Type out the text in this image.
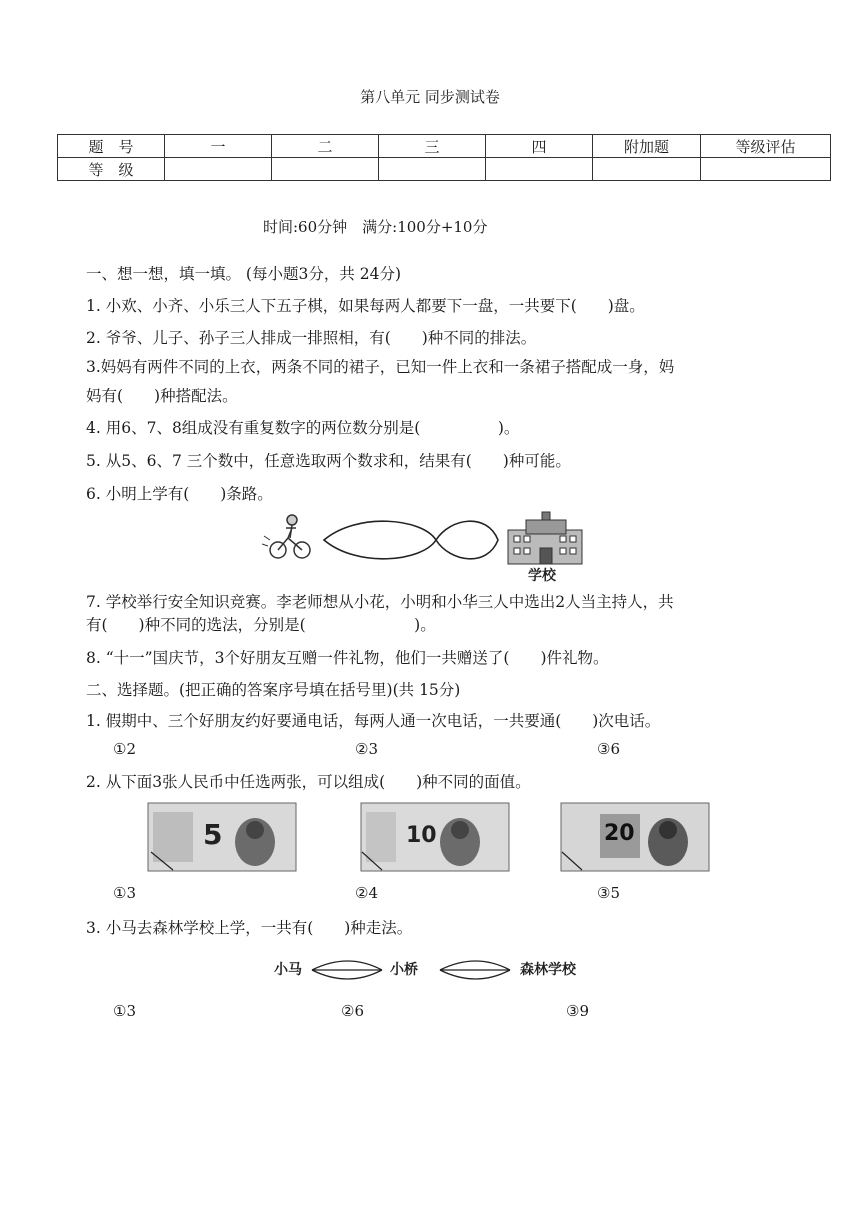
第八单元 同步测试卷
题　号	一	二	三	四	附加题	等级评估
等　级						
时间:60分钟　满分:100分+10分
一、想一想，填一填。 (每小题3分，共 24分)
1. 小欢、小齐、小乐三人下五子棋，如果每两人都要下一盘，一共要下(　　)盘。
2. 爷爷、儿子、孙子三人排成一排照相，有(　　)种不同的排法。
3.妈妈有两件不同的上衣，两条不同的裙子，已知一件上衣和一条裙子搭配成一身，妈
妈有(　　)种搭配法。
4. 用6、7、8组成没有重复数字的两位数分别是(　　　　　)。
5. 从5、6、7 三个数中，任意选取两个数求和，结果有(　　)种可能。
6. 小明上学有(　　)条路。
学校
7. 学校举行安全知识竞赛。李老师想从小花，小明和小华三人中选出2人当主持人，共
有(　　)种不同的选法，分别是(　　　　　　　)。
8. “十一”国庆节，3个好朋友互赠一件礼物，他们一共赠送了(　　)件礼物。
二、选择题。(把正确的答案序号填在括号里)(共 15分)
1. 假期中、三个好朋友约好要通电话，每两人通一次电话，一共要通(　　)次电话。
①2	②3	③6
2. 从下面3张人民币中任选两张，可以组成(　　)种不同的面值。
5	10	20
①3	②4	③5
3. 小马去森林学校上学，一共有(　　)种走法。
小马	小桥	森林学校
①3	②6	③9
